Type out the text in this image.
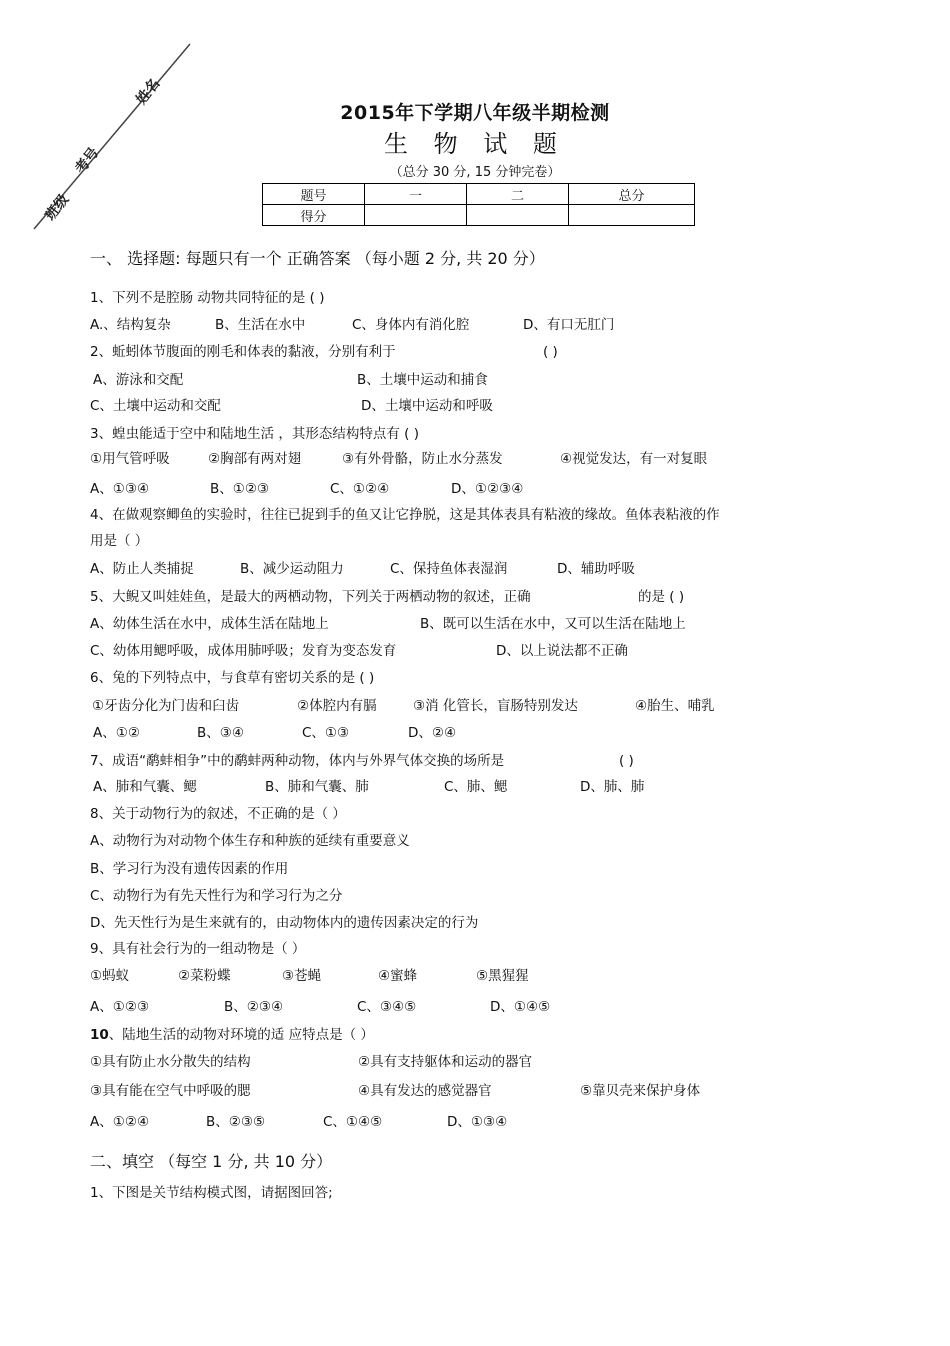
班级
考号
姓名
2015年下学期八年级半期检测
生 物 试 题
（总分 30 分, 15 分钟完卷）
题号	一	二	总分
得分			
一、 选择题: 每题只有一个 正确答案 （每小题 2 分, 共 20 分）
1、下列不是腔肠 动物共同特征的是 ( )
A.、结构复杂	B、生活在水中	C、身体内有消化腔	D、有口无肛门
2、蚯蚓体节腹面的刚毛和体表的黏液，分别有利于	( )
A、游泳和交配	B、土壤中运动和捕食
C、土壤中运动和交配	D、土壤中运动和呼吸
3、蝗虫能适于空中和陆地生活 ，其形态结构特点有 ( )
①用气管呼吸	②胸部有两对翅	③有外骨骼，防止水分蒸发	④视觉发达，有一对复眼
A、①③④	B、①②③	C、①②④	D、①②③④
4、在做观察鲫鱼的实验时，往往已捉到手的鱼又让它挣脱，这是其体表具有粘液的缘故。鱼体表粘液的作
用是（ ）
A、防止人类捕捉	B、减少运动阻力	C、保持鱼体表湿润	D、辅助呼吸
5、大鲵又叫娃娃鱼，是最大的两栖动物，下列关于两栖动物的叙述，正确	的是 ( )
A、幼体生活在水中，成体生活在陆地上	B、既可以生活在水中，又可以生活在陆地上
C、幼体用鳃呼吸，成体用肺呼吸；发育为变态发育	D、以上说法都不正确
6、兔的下列特点中，与食草有密切关系的是 ( )
①牙齿分化为门齿和臼齿	②体腔内有膈	③消 化管长，盲肠特别发达	④胎生、哺乳
A、①②	B、③④	C、①③	D、②④
7、成语“鹬蚌相争”中的鹬蚌两种动物，体内与外界气体交换的场所是	( )
A、肺和气囊、鳃	B、肺和气囊、肺	C、肺、鳃	D、肺、肺
8、关于动物行为的叙述，不正确的是（ ）
A、动物行为对动物个体生存和种族的延续有重要意义
B、学习行为没有遗传因素的作用
C、动物行为有先天性行为和学习行为之分
D、先天性行为是生来就有的，由动物体内的遗传因素决定的行为
9、具有社会行为的一组动物是（ ）
①蚂蚁	②菜粉蝶	③苍蝇	④蜜蜂	⑤黑猩猩
A、①②③	B、②③④	C、③④⑤	D、①④⑤
10、陆地生活的动物对环境的适 应特点是（ ）
①具有防止水分散失的结构	②具有支持躯体和运动的器官
③具有能在空气中呼吸的腮	④具有发达的感觉器官	⑤靠贝壳来保护身体
A、①②④	B、②③⑤	C、①④⑤	D、①③④
二、填空 （每空 1 分, 共 10 分）
1、下图是关节结构模式图，请据图回答;
